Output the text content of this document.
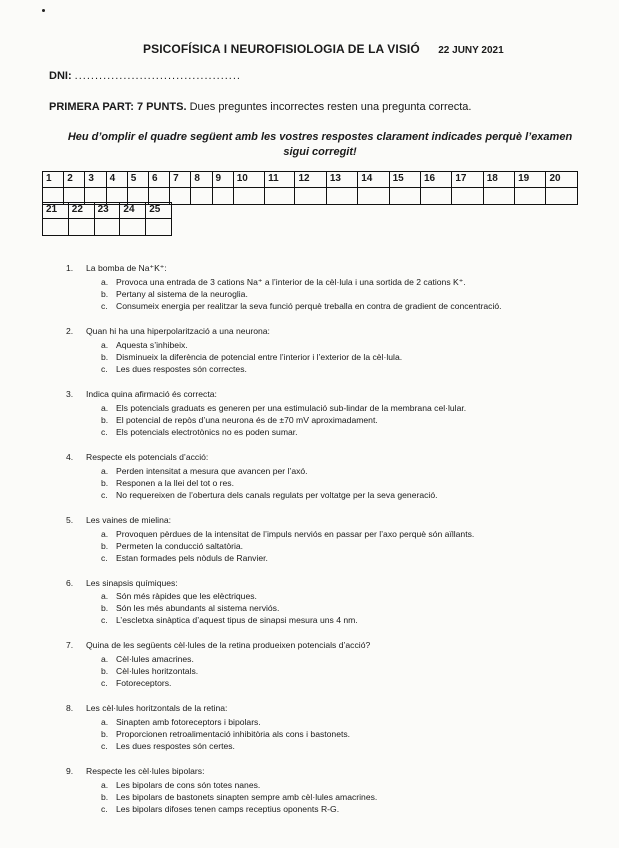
PSICOFÍSICA I NEUROFISIOLOGIA DE LA VISIÓ 22 JUNY 2021
DNI: .........................................
PRIMERA PART: 7 PUNTS. Dues preguntes incorrectes resten una pregunta correcta.
Heu d’omplir el quadre següent amb les vostres respostes clarament indicades perquè l’examen sigui corregit!
1	2	3	4	5	6	7	8	9	10	11	12	13	14	15	16	17	18	19	20

21	22	23	24	25

1.	La bomba de Na⁺K⁺:
a. Provoca una entrada de 3 cations Na⁺ a l’interior de la cèl·lula i una sortida de 2 cations K⁺.
b. Pertany al sistema de la neuroglia.
c. Consumeix energia per realitzar la seva funció perquè treballa en contra de gradient de concentració.
2.	Quan hi ha una hiperpolarització a una neurona:
a. Aquesta s’inhibeix.
b. Disminueix la diferència de potencial entre l’interior i l’exterior de la cèl·lula.
c. Les dues respostes són correctes.
3.	Indica quina afirmació és correcta:
a. Els potencials graduats es generen per una estimulació sub-lindar de la membrana cel·lular.
b. El potencial de repòs d’una neurona és de ±70 mV aproximadament.
c. Els potencials electrotònics no es poden sumar.
4.	Respecte els potencials d’acció:
a. Perden intensitat a mesura que avancen per l’axó.
b. Responen a la llei del tot o res.
c. No requereixen de l’obertura dels canals regulats per voltatge per la seva generació.
5.	Les vaines de mielina:
a. Provoquen pèrdues de la intensitat de l’impuls nerviós en passar per l’axo perquè són aïllants.
b. Permeten la conducció saltatòria.
c. Estan formades pels nòduls de Ranvier.
6.	Les sinapsis químiques:
a. Són més ràpides que les elèctriques.
b. Són les més abundants al sistema nerviós.
c. L’escletxa sinàptica d’aquest tipus de sinapsi mesura uns 4 nm.
7.	Quina de les següents cèl·lules de la retina produeixen potencials d’acció?
a. Cèl·lules amacrines.
b. Cèl·lules horitzontals.
c. Fotoreceptors.
8.	Les cèl·lules horitzontals de la retina:
a. Sinapten amb fotoreceptors i bipolars.
b. Proporcionen retroalimentació inhibitòria als cons i bastonets.
c. Les dues respostes són certes.
9.	Respecte les cèl·lules bipolars:
a. Les bipolars de cons són totes nanes.
b. Les bipolars de bastonets sinapten sempre amb cèl·lules amacrines.
c. Les bipolars difoses tenen camps receptius oponents R-G.
